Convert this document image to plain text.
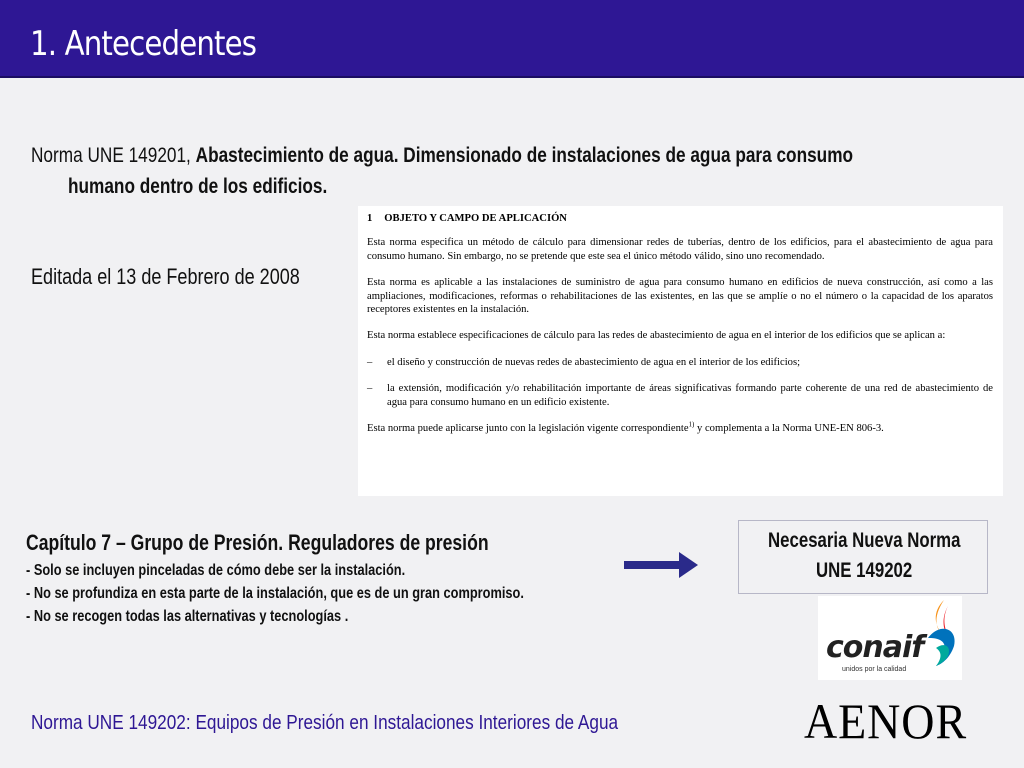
1. Antecedentes
Norma UNE 149201, Abastecimiento de agua. Dimensionado de instalaciones de agua para consumo
humano dentro de los edificios.
Editada el 13 de Febrero de 2008
1 OBJETO Y CAMPO DE APLICACIÓN
Esta norma especifica un método de cálculo para dimensionar redes de tuberías, dentro de los edificios, para el abastecimiento de agua para consumo humano. Sin embargo, no se pretende que este sea el único método válido, sino uno recomendado.
Esta norma es aplicable a las instalaciones de suministro de agua para consumo humano en edificios de nueva construcción, así como a las ampliaciones, modificaciones, reformas o rehabilitaciones de las existentes, en las que se amplíe o no el número o la capacidad de los aparatos receptores existentes en la instalación.
Esta norma establece especificaciones de cálculo para las redes de abastecimiento de agua en el interior de los edificios que se aplican a:
–	el diseño y construcción de nuevas redes de abastecimiento de agua en el interior de los edificios;
–	la extensión, modificación y/o rehabilitación importante de áreas significativas formando parte coherente de una red de abastecimiento de agua para consumo humano en un edificio existente.
Esta norma puede aplicarse junto con la legislación vigente correspondiente$^{1)}$ y complementa a la Norma UNE-EN 806-3.
Capítulo 7 – Grupo de Presión. Reguladores de presión
- Solo se incluyen pinceladas de cómo debe ser la instalación.
- No se profundiza en esta parte de la instalación, que es de un gran compromiso.
- No se recogen todas las alternativas y tecnologías .
Necesaria Nueva Norma
UNE 149202
conaif
unidos por la calidad
Norma UNE 149202: Equipos de Presión en Instalaciones Interiores de Agua	AENOR
